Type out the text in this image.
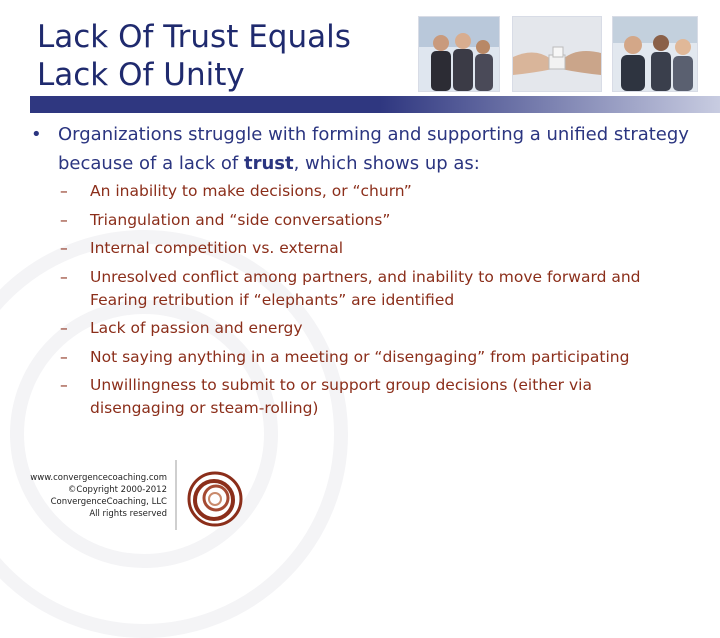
Lack Of Trust Equals
Lack Of Unity
• Organizations struggle with forming and supporting a unified strategy because of a lack of trust, which shows up as:
– An inability to make decisions, or “churn”
– Triangulation and “side conversations”
– Internal competition vs. external
– Unresolved conflict among partners, and inability to move forward and Fearing retribution if “elephants” are identified
– Lack of passion and energy
– Not saying anything in a meeting or “disengaging” from participating
– Unwillingness to submit to or support group decisions (either via disengaging or steam-rolling)
www.convergencecoaching.com
©Copyright 2000-2012
ConvergenceCoaching, LLC
All rights reserved
